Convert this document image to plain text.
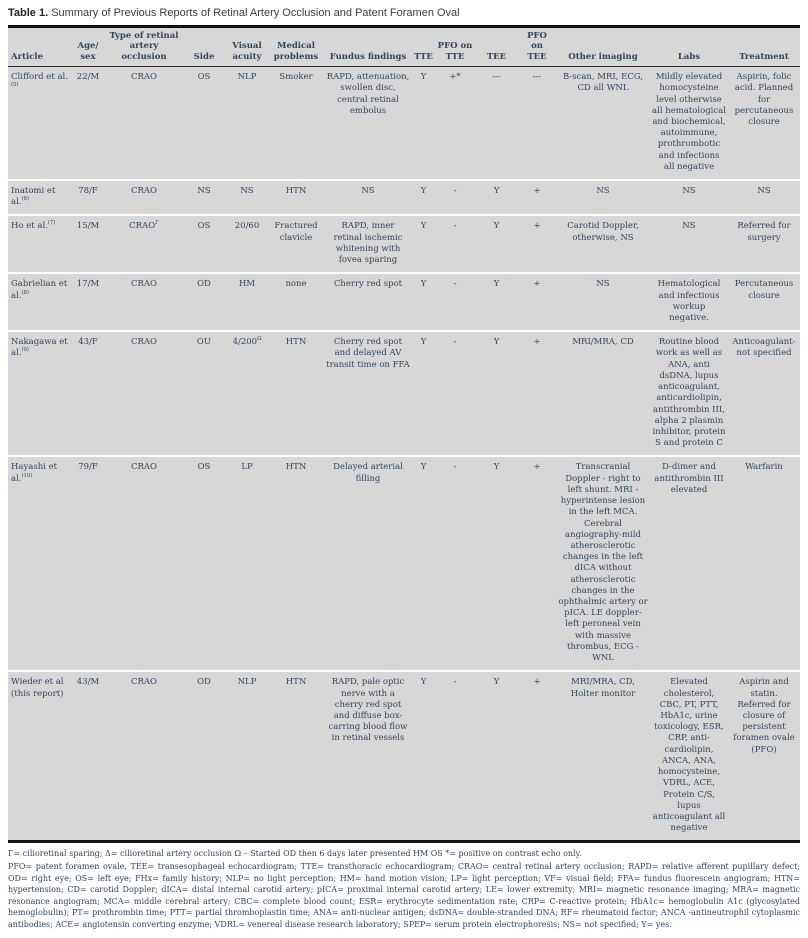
Table 1. Summary of Previous Reports of Retinal Artery Occlusion and Patent Foramen Oval
Article	Age/ sex	Type of retinal artery occlusion	Side	Visual acuity	Medical problems	Fundus findings	TTE	PFO on TTE	TEE	PFO on TEE	Other imaging	Labs	Treatment
Clifford et al.$^{(5)}$	22/M	CRAO	OS	NLP	Smoker	RAPD, attenuation, swollen disc, central retinal embolus	Y	+*	---	---	B-scan, MRI, ECG, CD all WNL	Mildly elevated homocysteine level otherwise all hematological and biochemical, autoimmune, prothrombotic and infections all negative	Aspirin, folic acid. Planned for percutaneous closure
Inatomi et al.$^{(6)}$	78/F	CRAO	NS	NS	HTN	NS	Y	-	Y	+	NS	NS	NS
Ho et al.$^{(7)}$	15/M	$CRAO^\Gamma$	OS	20/60	Fractured clavicle	RAPD, inner retinal ischemic whitening with fovea sparing	Y	-	Y	+	Carotid Doppler, otherwise, NS	NS	Referred for surgery
Gabrielian et al.$^{(8)}$	17/M	CRAO	OD	HM	none	Cherry red spot	Y	-	Y	+	NS	Hematological and infectious workup negative.	Percutaneous closure
Nakagawa et al.$^{(9)}$	43/F	CRAO	OU	$4/200^\Omega$	HTN	Cherry red spot and delayed AV transit time on FFA	Y	-	Y	+	MRI/MRA, CD	Routine blood work as well as ANA, anti dsDNA, lupus anticoagulant, anticardiolipin, antithrombin III, alpha 2 plasmin inhibitor, protein S and protein C	Anticoagulant- not specified
Hayashi et al.$^{(10)}$	79/F	CRAO	OS	LP	HTN	Delayed arterial filling	Y	-	Y	+	Transcranial Doppler - right to left shunt. MRI -hyperintense lesion in the left MCA. Cerebral angiography-mild atherosclerotic changes in the left dICA without atherosclerotic changes in the ophthalmic artery or pICA. LE doppler- left peroneal vein with massive thrombus, ECG -WNL	D-dimer and antithrombin III elevated	Warfarin
Wieder et al (this report)	43/M	CRAO	OD	NLP	HTN	RAPD, pale optic nerve with a cherry red spot and diffuse box-carring blood flow in retinal vessels	Y	-	Y	+	MRI/MRA, CD, Holter monitor	Elevated cholesterol, CBC, PT, PTT, HbA1c, urine toxicology, ESR, CRP, anti-cardiolipin, ANCA, ANA, homocysteine, VDRL, ACE, Protein C/S, lupus anticoagulant all negative	Aspirin and statin. Referred for closure of persistent foramen ovale (PFO)

Γ= cilioretinal sparing; Δ= cilioretinal artery occlusion Ω – Started OD then 6 days later presented HM OS *= positive on contrast echo only.

PFO= patent foramen ovale, TEE= transesophageal echocardiogram; TTE= transthoracic echocardiogram; CRAO= central retinal artery occlusion; RAPD= relative afferent pupillary defect; OD= right eye; OS= left eye; FHx= family history; NLP= no light perception; HM= hand motion vision; LP= light perception; VF= visual field; FFA= fundus fluorescein angiogram; HTN= hypertension; CD= carotid Doppler; dICA= distal internal carotid artery; pICA= proximal internal carotid artery; LE= lower extremity; MRI= magnetic resonance imaging; MRA= magnetic resonance angiogram; MCA= middle cerebral artery; CBC= complete blood count; ESR= erythrocyte sedimentation rate; CRP= C-reactive protein; HbA1c= hemoglobulin A1c (glycosylated hemoglobulin); PT= prothrombin time; PTT= partial thromboplastin time; ANA= anti-nuclear antigen; dsDNA= double-stranded DNA; RF= rheumatoid factor; ANCA -antineutrophil cytoplasmic antibodies; ACE= angiotensin converting enzyme; VDRL= venereal disease research laboratory; SPEP= serum protein electrophoresis; NS= not specified; Y= yes.
